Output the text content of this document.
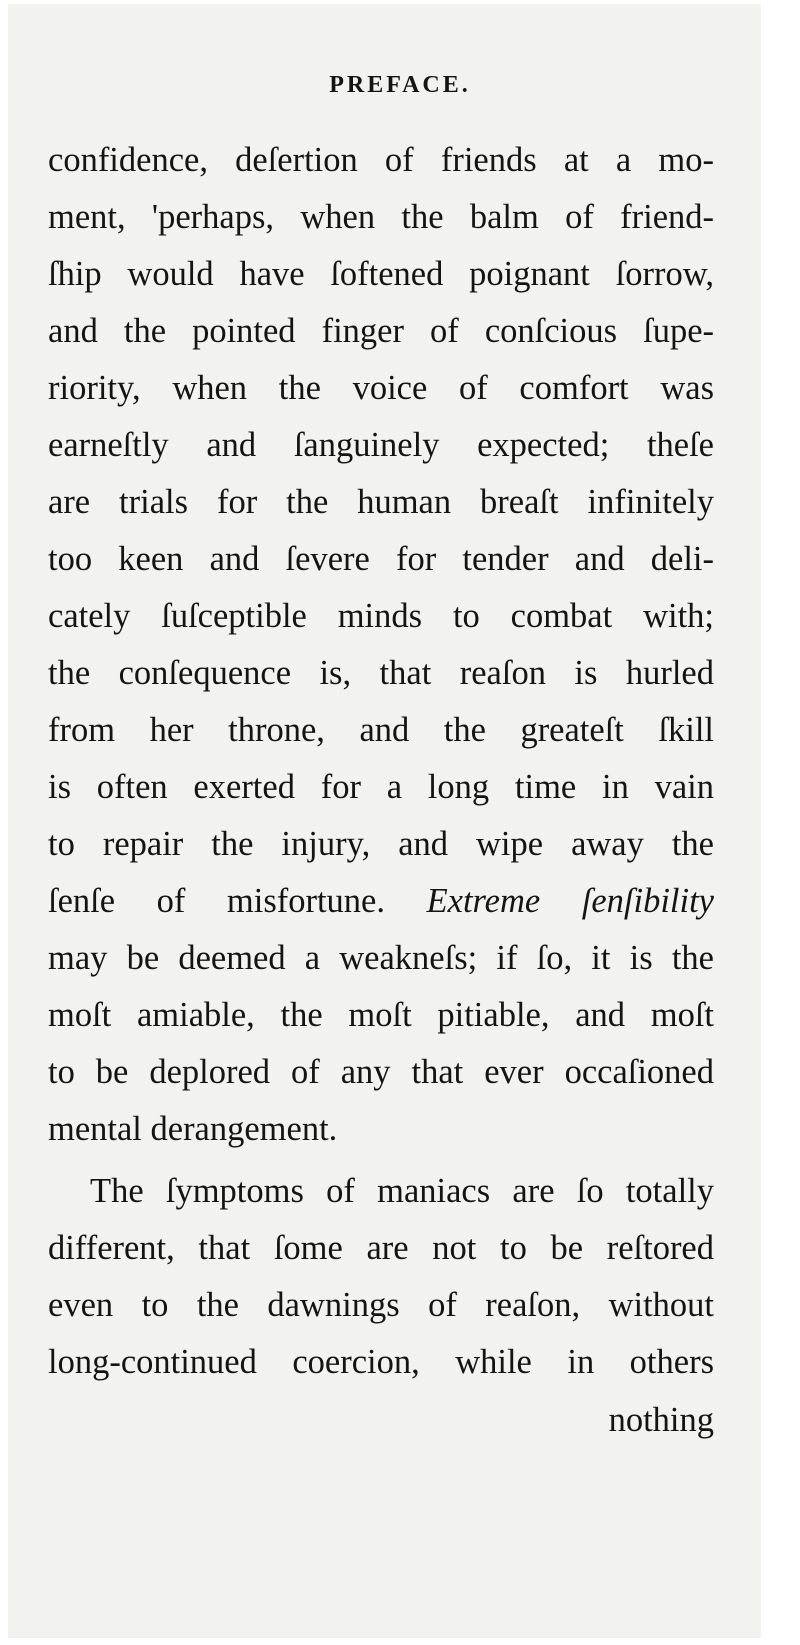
PREFACE.
confidence, deſertion of friends at a mo-
ment, 'perhaps, when the balm of friend-
ſhip would have ſoftened poignant ſorrow,
and the pointed finger of conſcious ſupe-
riority, when the voice of comfort was
earneſtly and ſanguinely expected; theſe
are trials for the human breaſt infinitely
too keen and ſevere for tender and deli-
cately ſuſceptible minds to combat with;
the conſequence is, that reaſon is hurled
from her throne, and the greateſt ſkill
is often exerted for a long time in vain
to repair the injury, and wipe away the
ſenſe of misfortune. Extreme ſenſibility
may be deemed a weakneſs; if ſo, it is the
moſt amiable, the moſt pitiable, and moſt
to be deplored of any that ever occaſioned
mental derangement.
The ſymptoms of maniacs are ſo totally
different, that ſome are not to be reſtored
even to the dawnings of reaſon, without
long-continued coercion, while in others
nothing
